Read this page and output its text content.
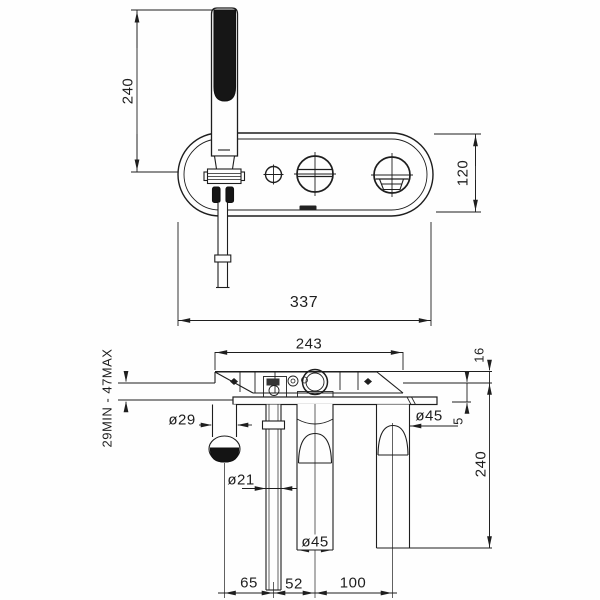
240
120
337
243
29MIN - 47MAX	16
5
240
ø29
ø21
ø45
ø45
65 52 100
